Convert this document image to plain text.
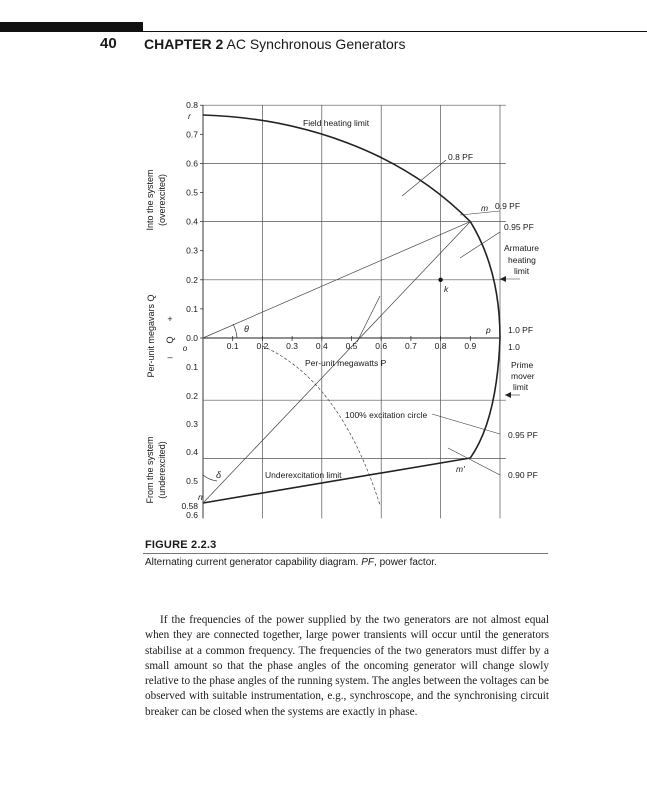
40 CHAPTER 2 AC Synchronous Generators
0.1 0.2 0.3 0.4 0.5 0.6 0.7 0.8 0.9
0.8
0.7
0.6
0.5
0.4
0.3
0.2
0.1
0.0
0.1
0.2
0.3
0.4
0.5
0.58
0.6
Into the system (overexcited)
Per-unit megavars Q
From the system (underexcited)
+
Q
–
o
Field heating limit
0.8 PF
m 0.9 PF
0.95 PF
Armature
heating
limit
k
p 1.0 PF
1.0
Per-unit megawatts P	Prime
mover
limit
100% excitation circle
0.95 PF
m'
Underexcitation limit	0.90 PF
θ
δ
r
n
FIGURE 2.2.3
Alternating current generator capability diagram. PF, power factor.
If the frequencies of the power supplied by the two generators are not almost equal when they are connected together, large power transients will occur until the generators stabilise at a common frequency. The frequencies of the two generators must differ by a small amount so that the phase angles of the oncoming generator will change slowly relative to the phase angles of the running system. The angles between the voltages can be observed with suitable instrumentation, e.g., synchroscope, and the synchronising circuit breaker can be closed when the systems are exactly in phase.
